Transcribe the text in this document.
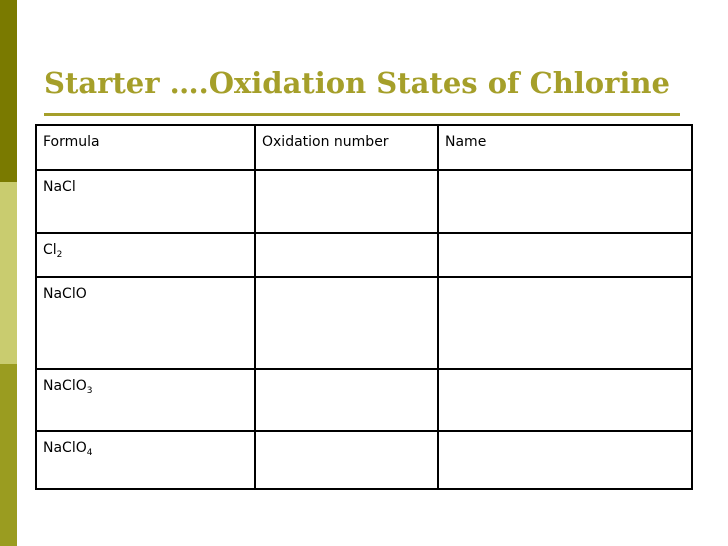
Starter ….Oxidation States of Chlorine
Formula	Oxidation number	Name
NaCl		
$Cl_2$		
NaClO		
NaClO$_3$		
NaClO$_4$		
